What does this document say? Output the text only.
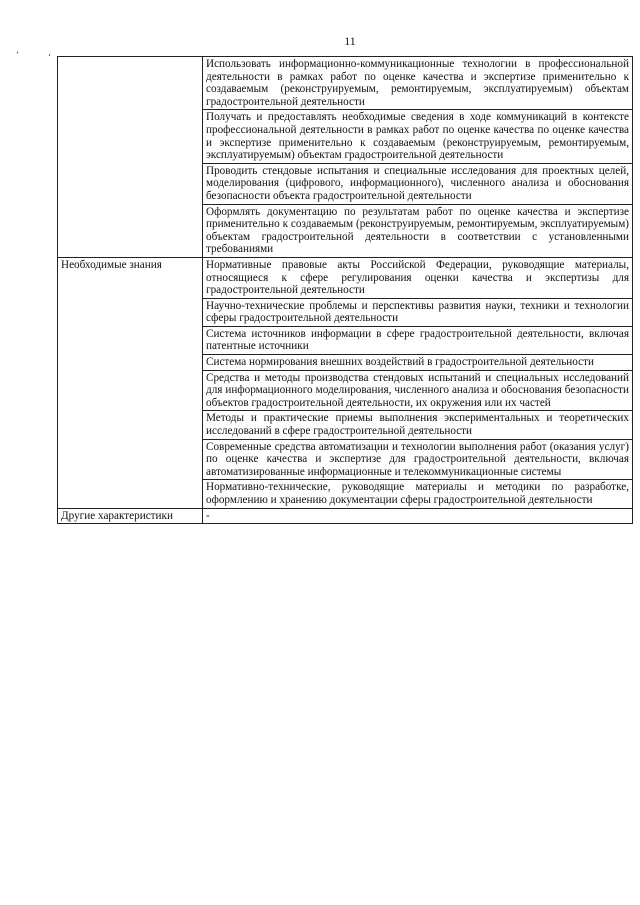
11
’	‘
	Использовать информационно-коммуникационные технологии в профессиональной деятельности в рамках работ по оценке качества и экспертизе применительно к создаваемым (реконструируемым, ремонтируемым, эксплуатируемым) объектам градостроительной деятельности
	Получать и предоставлять необходимые сведения в ходе коммуникаций в контексте профессиональной деятельности в рамках работ по оценке качества по оценке качества и экспертизе применительно к создаваемым (реконструируемым, ремонтируемым, эксплуатируемым) объектам градостроительной деятельности
	Проводить стендовые испытания и специальные исследования для проектных целей, моделирования (цифрового, информационного), численного анализа и обоснования безопасности объекта градостроительной деятельности
	Оформлять документацию по результатам работ по оценке качества и экспертизе применительно к создаваемым (реконструируемым, ремонтируемым, эксплуатируемым) объектам градостроительной деятельности в соответствии с установленными требованиями
Необходимые знания	Нормативные правовые акты Российской Федерации, руководящие материалы, относящиеся к сфере регулирования оценки качества и экспертизы для градостроительной деятельности
	Научно-технические проблемы и перспективы развития науки, техники и технологии сферы градостроительной деятельности
	Система источников информации в сфере градостроительной деятельности, включая патентные источники
	Система нормирования внешних воздействий в градостроительной деятельности
	Средства и методы производства стендовых испытаний и специальных исследований для информационного моделирования, численного анализа и обоснования безопасности объектов градостроительной деятельности, их окружения или их частей
	Методы и практические приемы выполнения экспериментальных и теоретических исследований в сфере градостроительной деятельности
	Современные средства автоматизации и технологии выполнения работ (оказания услуг) по оценке качества и экспертизе для градостроительной деятельности, включая автоматизированные информационные и телекоммуникационные системы
	Нормативно-технические, руководящие материалы и методики по разработке, оформлению и хранению документации сферы градостроительной деятельности
Другие характеристики	-
